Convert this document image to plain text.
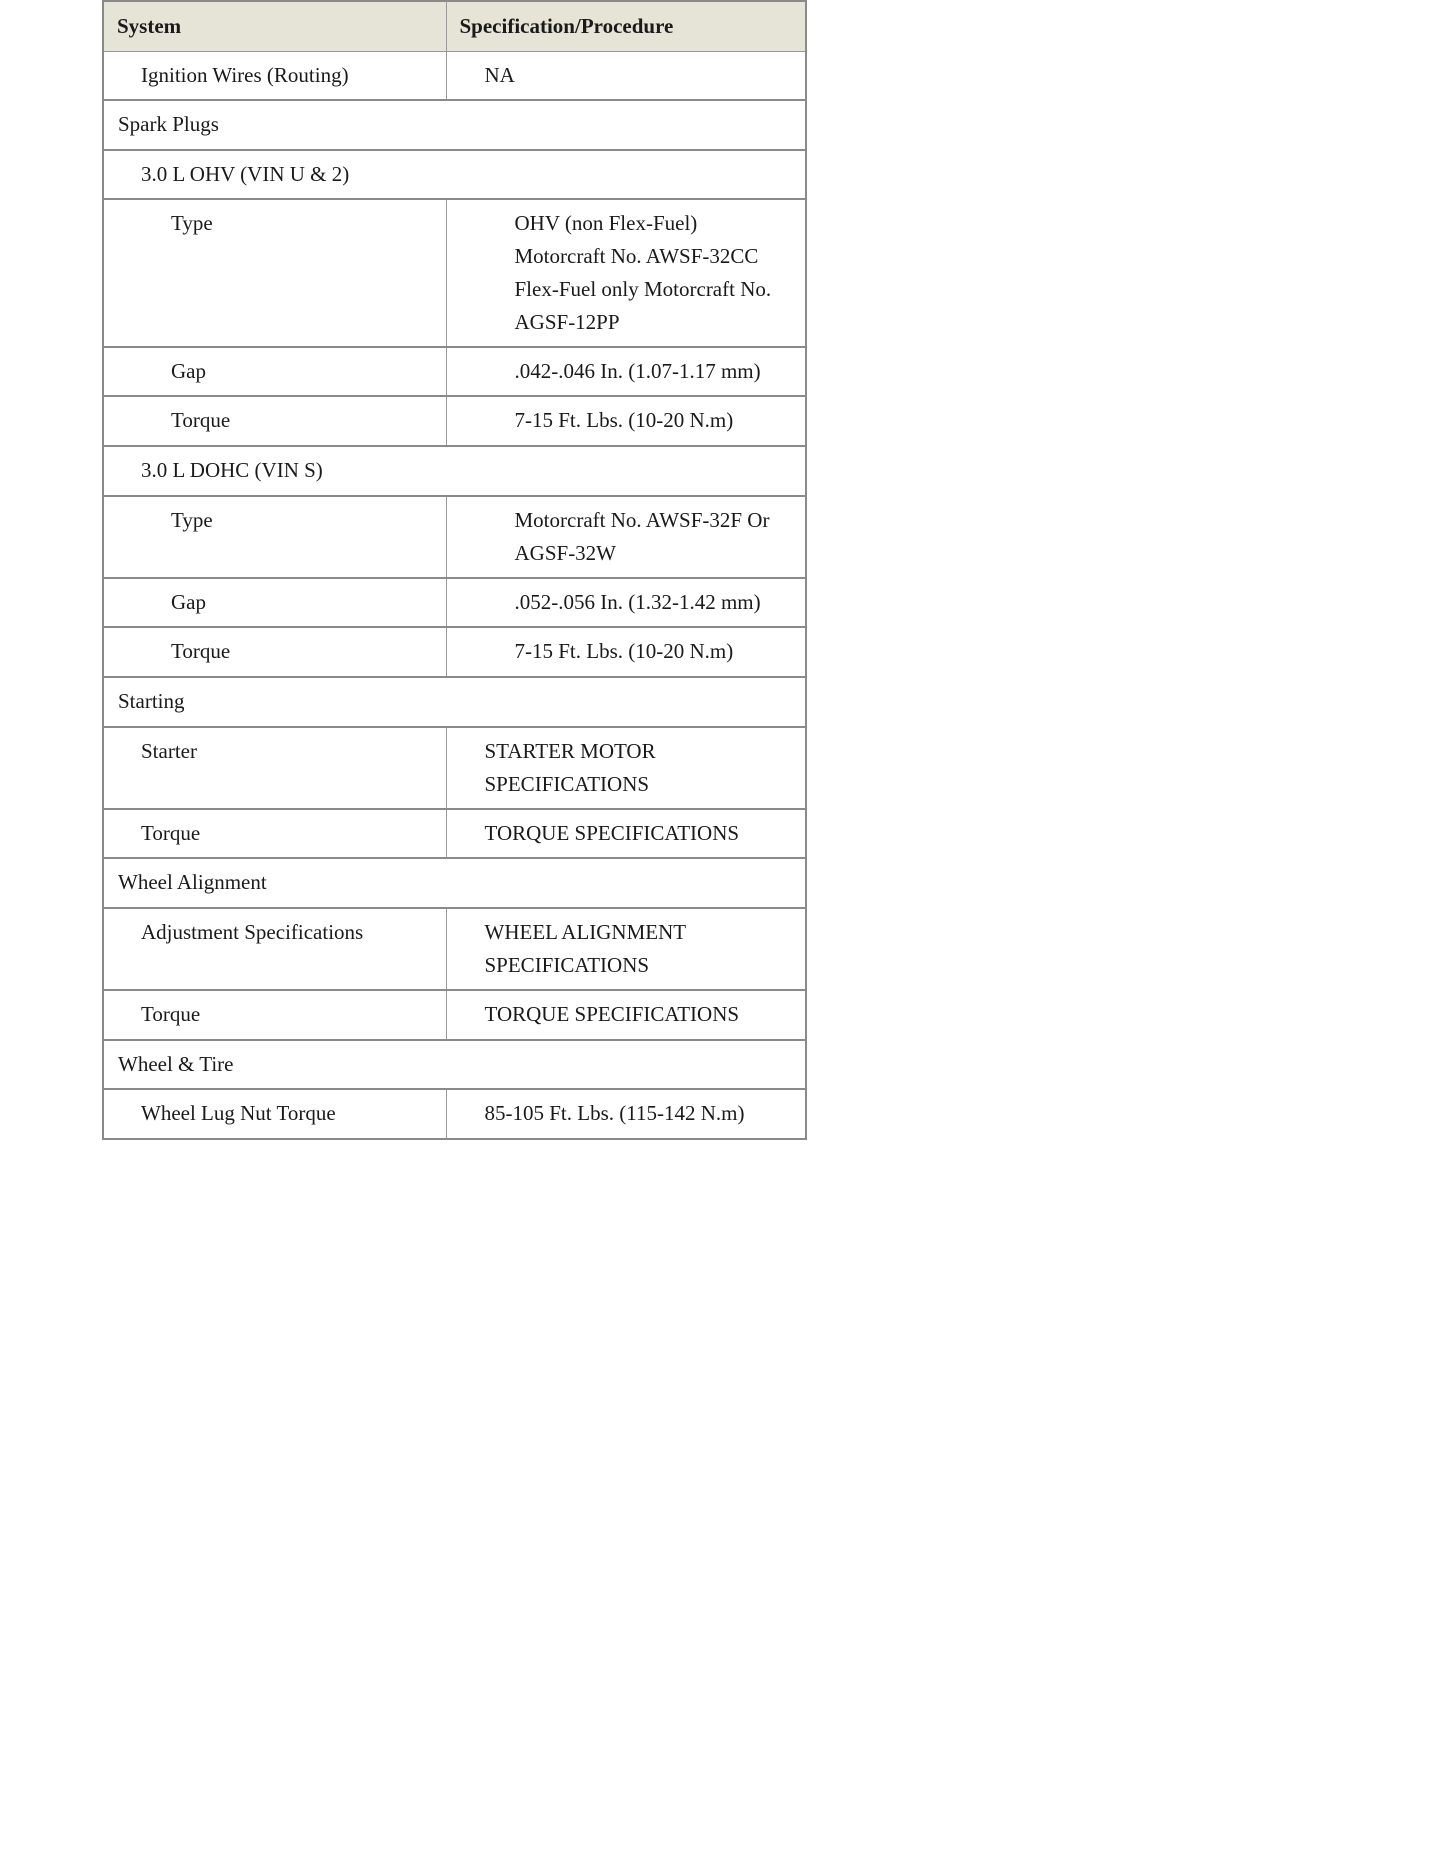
System	Specification/Procedure
Ignition Wires (Routing)	NA

Spark Plugs	
3.0 L OHV (VIN U & 2)	
Type	OHV (non Flex-Fuel)
Motorcraft No. AWSF-32CC
Flex-Fuel only Motorcraft No.
AGSF-12PP

Gap	.042-.046 In. (1.07-1.17 mm)

Torque	7-15 Ft. Lbs. (10-20 N.m)

3.0 L DOHC (VIN S)	
Type	Motorcraft No. AWSF-32F Or
AGSF-32W

Gap	.052-.056 In. (1.32-1.42 mm)

Torque	7-15 Ft. Lbs. (10-20 N.m)

Starting	
Starter	STARTER MOTOR
SPECIFICATIONS

Torque	TORQUE SPECIFICATIONS

Wheel Alignment	
Adjustment Specifications	WHEEL ALIGNMENT
SPECIFICATIONS

Torque	TORQUE SPECIFICATIONS

Wheel & Tire	
Wheel Lug Nut Torque	85-105 Ft. Lbs. (115-142 N.m)
